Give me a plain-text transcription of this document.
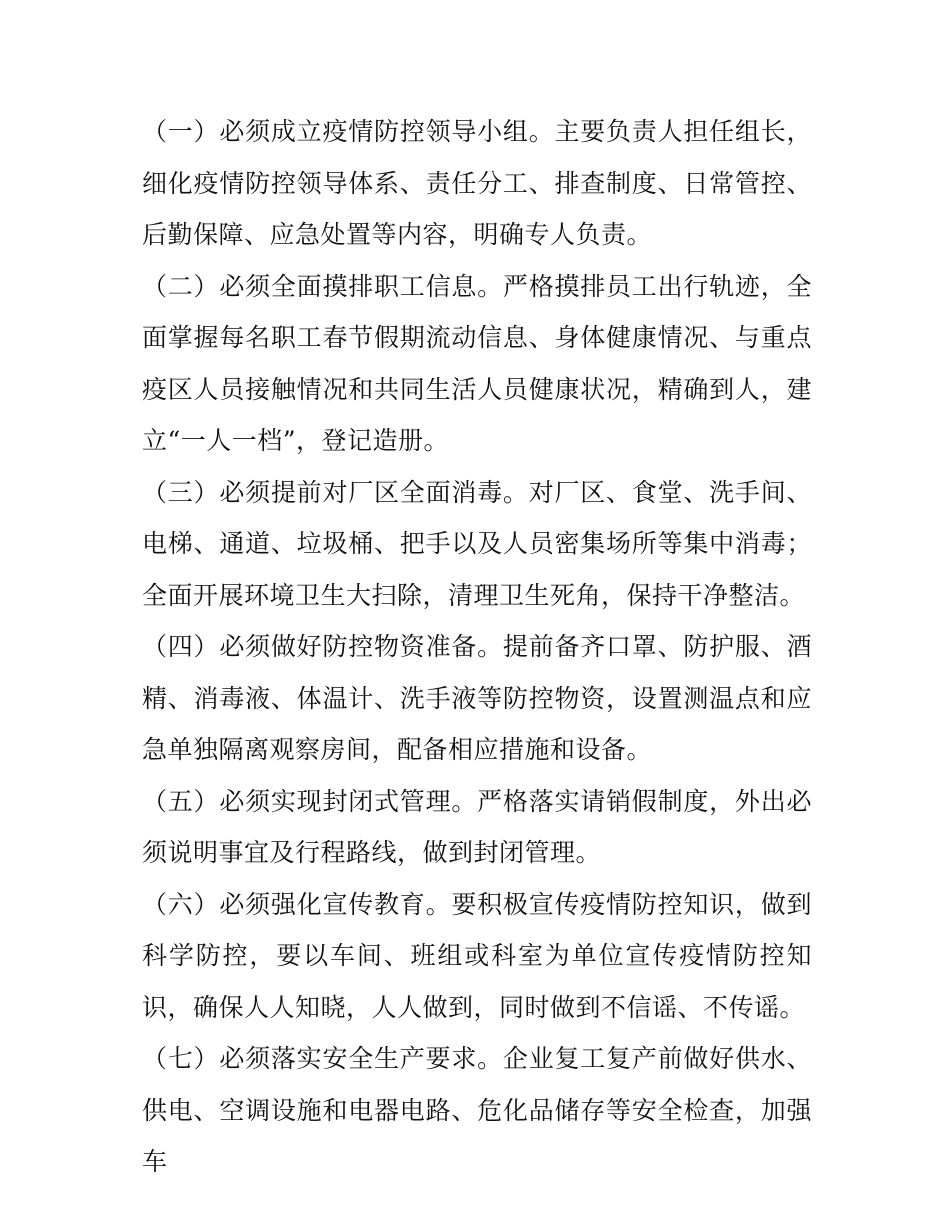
（一）必须成立疫情防控领导小组。主要负责人担任组长，细化疫情防控领导体系、责任分工、排查制度、日常管控、后勤保障、应急处置等内容，明确专人负责。

（二）必须全面摸排职工信息。严格摸排员工出行轨迹，全面掌握每名职工春节假期流动信息、身体健康情况、与重点疫区人员接触情况和共同生活人员健康状况，精确到人，建立“一人一档”，登记造册。

（三）必须提前对厂区全面消毒。对厂区、食堂、洗手间、电梯、通道、垃圾桶、把手以及人员密集场所等集中消毒；全面开展环境卫生大扫除，清理卫生死角，保持干净整洁。

（四）必须做好防控物资准备。提前备齐口罩、防护服、酒精、消毒液、体温计、洗手液等防控物资，设置测温点和应急单独隔离观察房间，配备相应措施和设备。

（五）必须实现封闭式管理。严格落实请销假制度，外出必须说明事宜及行程路线，做到封闭管理。

（六）必须强化宣传教育。要积极宣传疫情防控知识，做到科学防控，要以车间、班组或科室为单位宣传疫情防控知识，确保人人知晓，人人做到，同时做到不信谣、不传谣。

（七）必须落实安全生产要求。企业复工复产前做好供水、供电、空调设施和电器电路、危化品储存等安全检查，加强车
